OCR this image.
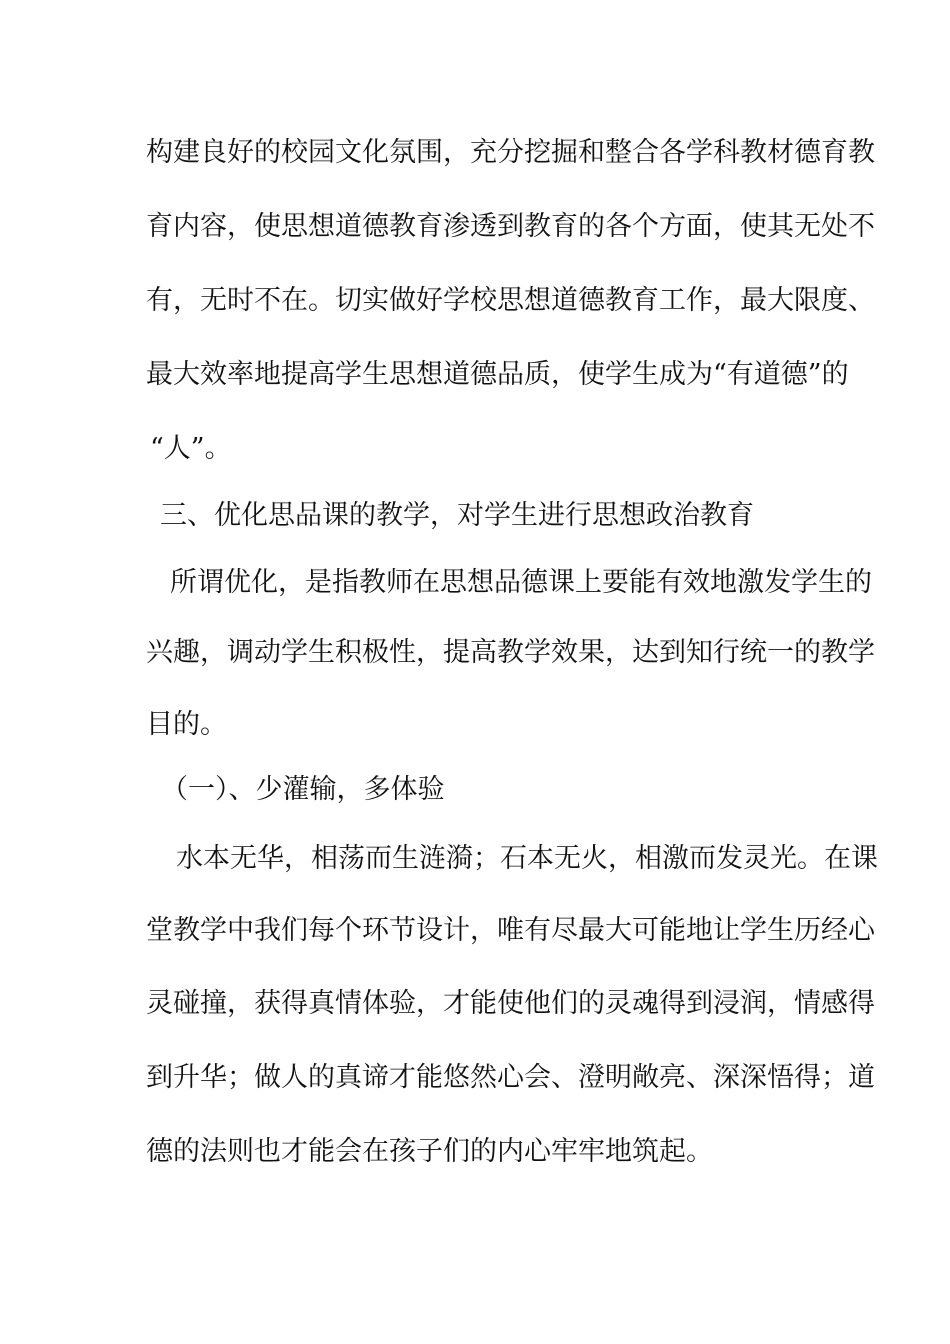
构建良好的校园文化氛围，充分挖掘和整合各学科教材德育教
育内容，使思想道德教育渗透到教育的各个方面，使其无处不
有，无时不在。切实做好学校思想道德教育工作，最大限度、
最大效率地提高学生思想道德品质，使学生成为“有道德”的
“人”。
三、优化思品课的教学，对学生进行思想政治教育
所谓优化，是指教师在思想品德课上要能有效地激发学生的
兴趣，调动学生积极性，提高教学效果，达到知行统一的教学
目的。
（一）、少灌输，多体验
水本无华，相荡而生涟漪；石本无火，相激而发灵光。在课
堂教学中我们每个环节设计，唯有尽最大可能地让学生历经心
灵碰撞，获得真情体验，才能使他们的灵魂得到浸润，情感得
到升华；做人的真谛才能悠然心会、澄明敞亮、深深悟得；道
德的法则也才能会在孩子们的内心牢牢地筑起。
